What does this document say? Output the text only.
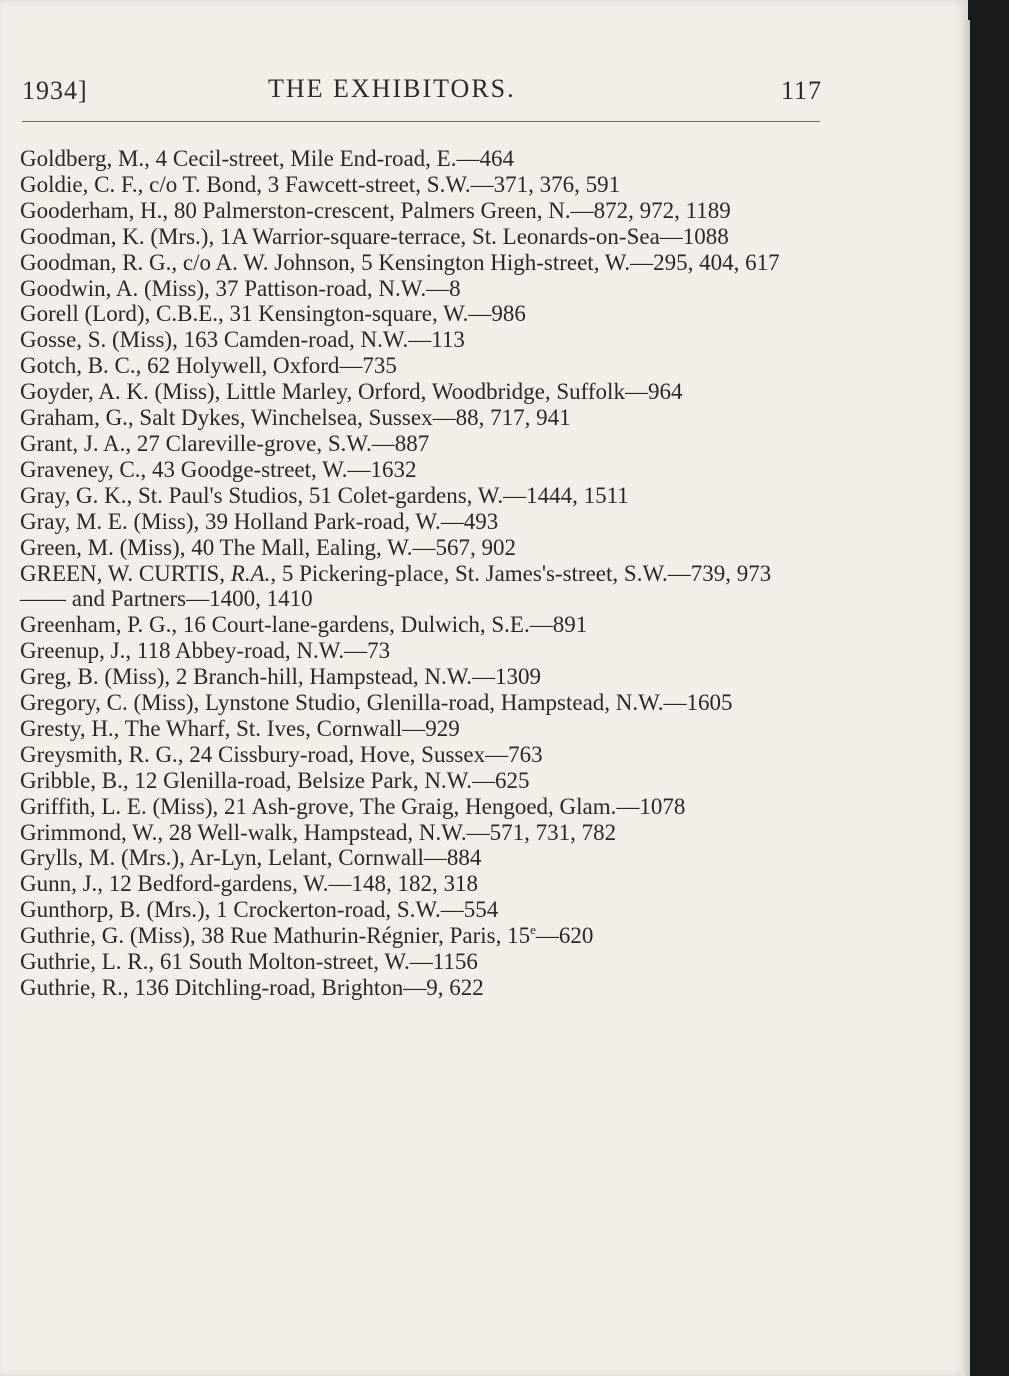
1934]	THE EXHIBITORS.	117
Goldberg, M., 4 Cecil-street, Mile End-road, E.—464
Goldie, C. F., c/o T. Bond, 3 Fawcett-street, S.W.—371, 376, 591
Gooderham, H., 80 Palmerston-crescent, Palmers Green, N.—872, 972, 1189
Goodman, K. (Mrs.), 1A Warrior-square-terrace, St. Leonards-on-Sea—1088
Goodman, R. G., c/o A. W. Johnson, 5 Kensington High-street, W.—295, 404, 617
Goodwin, A. (Miss), 37 Pattison-road, N.W.—8
Gorell (Lord), C.B.E., 31 Kensington-square, W.—986
Gosse, S. (Miss), 163 Camden-road, N.W.—113
Gotch, B. C., 62 Holywell, Oxford—735
Goyder, A. K. (Miss), Little Marley, Orford, Woodbridge, Suffolk—964
Graham, G., Salt Dykes, Winchelsea, Sussex—88, 717, 941
Grant, J. A., 27 Clareville-grove, S.W.—887
Graveney, C., 43 Goodge-street, W.—1632
Gray, G. K., St. Paul's Studios, 51 Colet-gardens, W.—1444, 1511
Gray, M. E. (Miss), 39 Holland Park-road, W.—493
Green, M. (Miss), 40 The Mall, Ealing, W.—567, 902
GREEN, W. CURTIS, R.A., 5 Pickering-place, St. James's-street, S.W.—739, 973
—— and Partners—1400, 1410
Greenham, P. G., 16 Court-lane-gardens, Dulwich, S.E.—891
Greenup, J., 118 Abbey-road, N.W.—73
Greg, B. (Miss), 2 Branch-hill, Hampstead, N.W.—1309
Gregory, C. (Miss), Lynstone Studio, Glenilla-road, Hampstead, N.W.—1605
Gresty, H., The Wharf, St. Ives, Cornwall—929
Greysmith, R. G., 24 Cissbury-road, Hove, Sussex—763
Gribble, B., 12 Glenilla-road, Belsize Park, N.W.—625
Griffith, L. E. (Miss), 21 Ash-grove, The Graig, Hengoed, Glam.—1078
Grimmond, W., 28 Well-walk, Hampstead, N.W.—571, 731, 782
Grylls, M. (Mrs.), Ar-Lyn, Lelant, Cornwall—884
Gunn, J., 12 Bedford-gardens, W.—148, 182, 318
Gunthorp, B. (Mrs.), 1 Crockerton-road, S.W.—554
Guthrie, G. (Miss), 38 Rue Mathurin-Régnier, Paris, 15e—620
Guthrie, L. R., 61 South Molton-street, W.—1156
Guthrie, R., 136 Ditchling-road, Brighton—9, 622
